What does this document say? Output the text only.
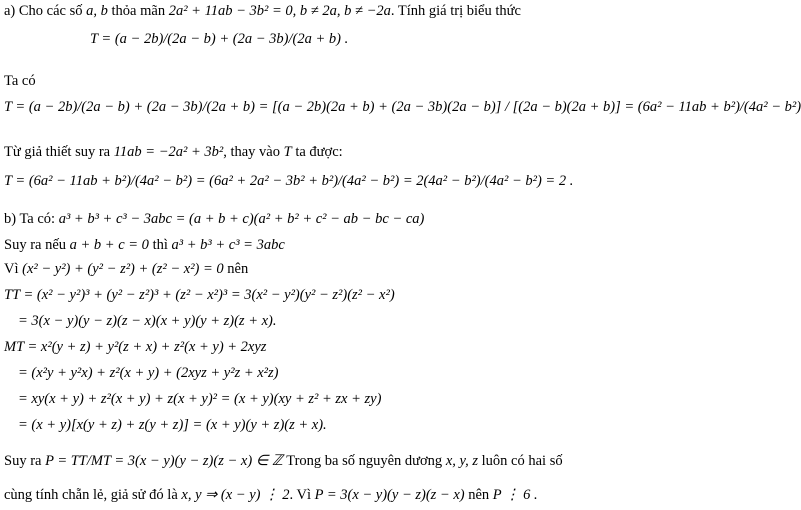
a) Cho các số a, b thỏa mãn 2a² + 11ab − 3b² = 0, b ≠ 2a, b ≠ −2a. Tính giá trị biểu thức
T = (a − 2b)/(2a − b) + (2a − 3b)/(2a + b) .
Ta có
T = (a − 2b)/(2a − b) + (2a − 3b)/(2a + b) = [(a − 2b)(2a + b) + (2a − 3b)(2a − b)] / [(2a − b)(2a + b)] = (6a² − 11ab + b²)/(4a² − b²)
Từ giả thiết suy ra 11ab = −2a² + 3b², thay vào T ta được:
T = (6a² − 11ab + b²)/(4a² − b²) = (6a² + 2a² − 3b² + b²)/(4a² − b²) = 2(4a² − b²)/(4a² − b²) = 2 .
b) Ta có: a³ + b³ + c³ − 3abc = (a + b + c)(a² + b² + c² − ab − bc − ca)
Suy ra nếu a + b + c = 0 thì a³ + b³ + c³ = 3abc
Vì (x² − y²) + (y² − z²) + (z² − x²) = 0 nên
TT = (x² − y²)³ + (y² − z²)³ + (z² − x²)³ = 3(x² − y²)(y² − z²)(z² − x²)
= 3(x − y)(y − z)(z − x)(x + y)(y + z)(z + x).
MT = x²(y + z) + y²(z + x) + z²(x + y) + 2xyz
= (x²y + y²x) + z²(x + y) + (2xyz + y²z + x²z)
= xy(x + y) + z²(x + y) + z(x + y)² = (x + y)(xy + z² + zx + zy)
= (x + y)[x(y + z) + z(y + z)] = (x + y)(y + z)(z + x).
Suy ra P = TT/MT = 3(x − y)(y − z)(z − x) ∈ ℤ Trong ba số nguyên dương x, y, z luôn có hai số
cùng tính chẵn lẻ, giả sử đó là x, y ⇒ (x − y) ⋮ 2. Vì P = 3(x − y)(y − z)(z − x) nên P ⋮ 6 .
